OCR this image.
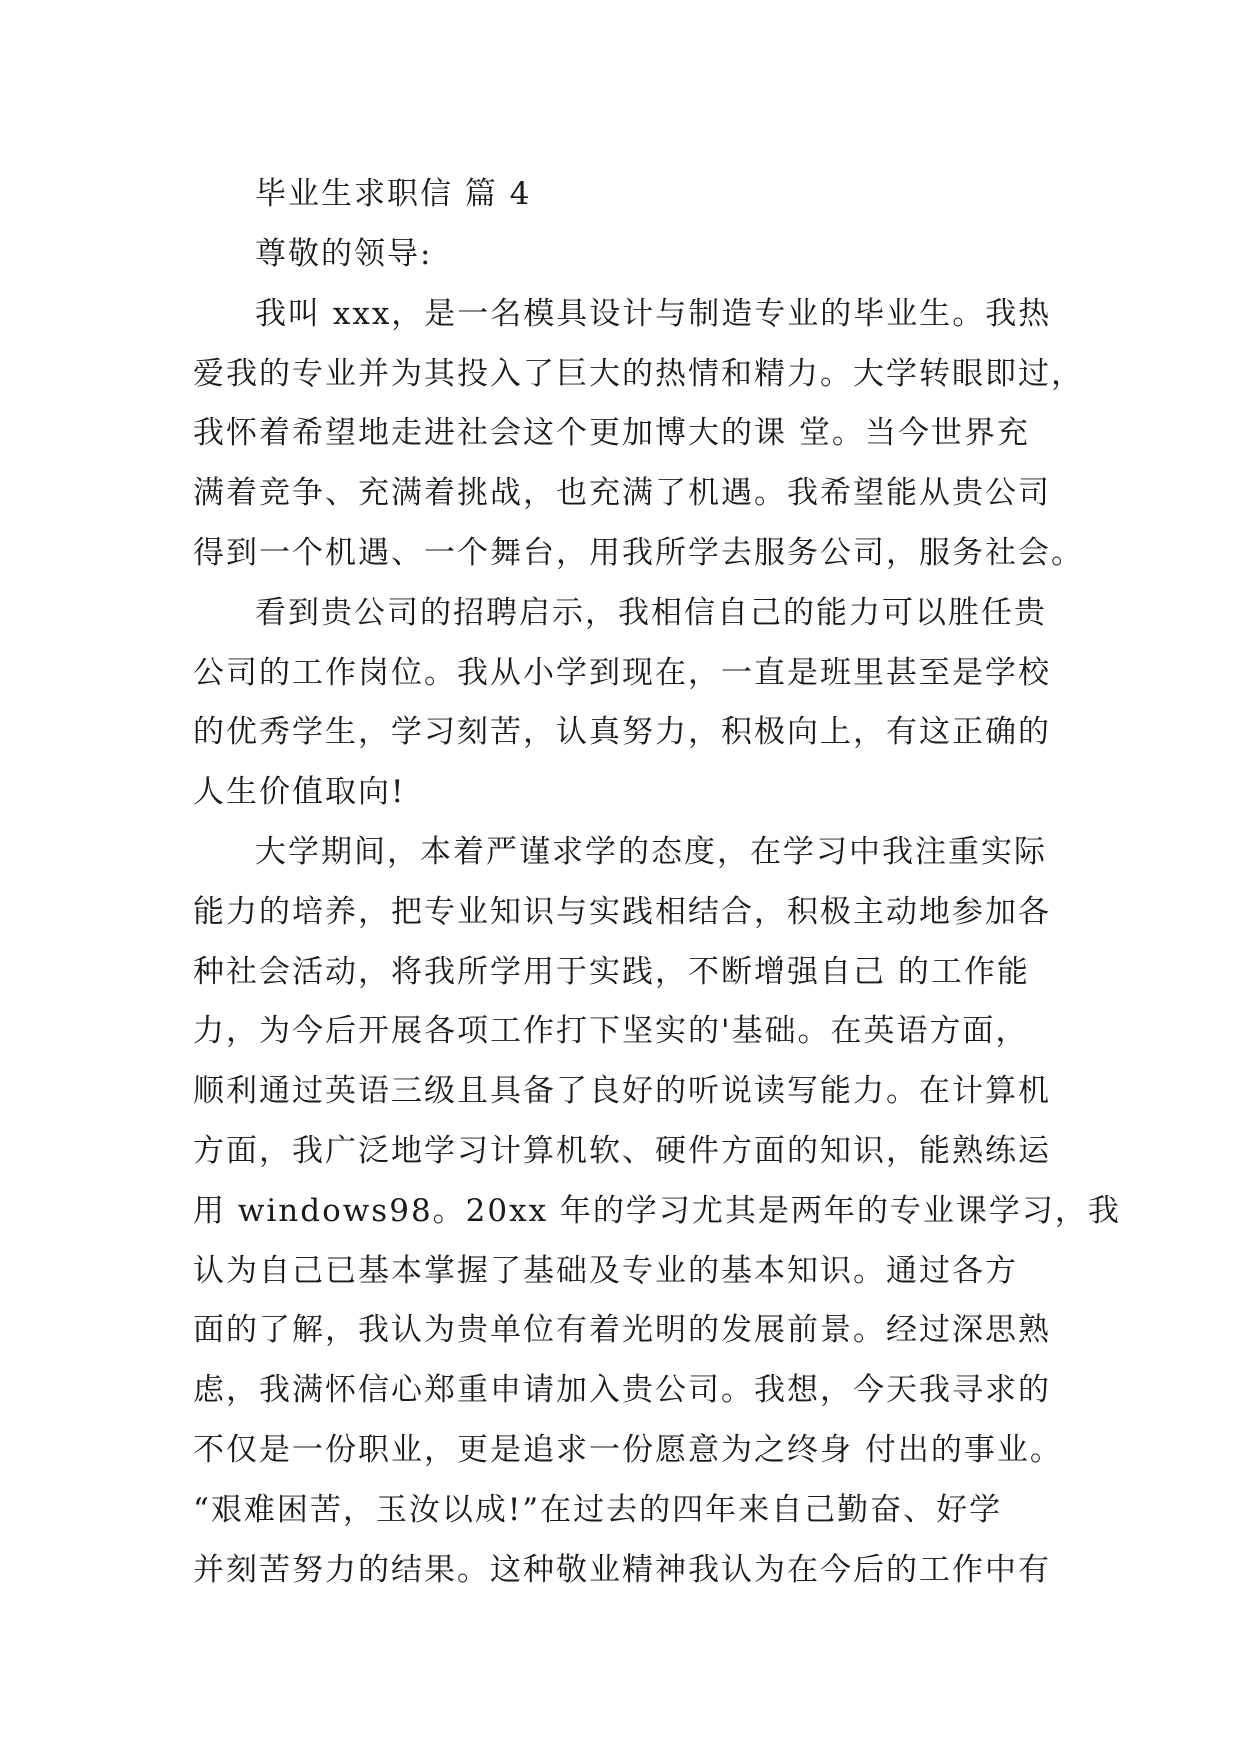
毕业生求职信 篇 4
尊敬的领导:
我叫 xxx，是一名模具设计与制造专业的毕业生。我热
爱我的专业并为其投入了巨大的热情和精力。大学转眼即过，
我怀着希望地走进社会这个更加博大的课 堂。当今世界充
满着竞争、充满着挑战，也充满了机遇。我希望能从贵公司
得到一个机遇、一个舞台，用我所学去服务公司，服务社会。
看到贵公司的招聘启示，我相信自己的能力可以胜任贵
公司的工作岗位。我从小学到现在，一直是班里甚至是学校
的优秀学生，学习刻苦，认真努力，积极向上，有这正确的
人生价值取向!
大学期间，本着严谨求学的态度，在学习中我注重实际
能力的培养，把专业知识与实践相结合，积极主动地参加各
种社会活动，将我所学用于实践，不断增强自己 的工作能
力，为今后开展各项工作打下坚实的'基础。在英语方面，
顺利通过英语三级且具备了良好的听说读写能力。在计算机
方面，我广泛地学习计算机软、硬件方面的知识，能熟练运
用 windows98。20xx 年的学习尤其是两年的专业课学习，我
认为自己已基本掌握了基础及专业的基本知识。通过各方
面的了解，我认为贵单位有着光明的发展前景。经过深思熟
虑，我满怀信心郑重申请加入贵公司。我想，今天我寻求的
不仅是一份职业，更是追求一份愿意为之终身 付出的事业。
“艰难困苦，玉汝以成!”在过去的四年来自己勤奋、好学
并刻苦努力的结果。这种敬业精神我认为在今后的工作中有
